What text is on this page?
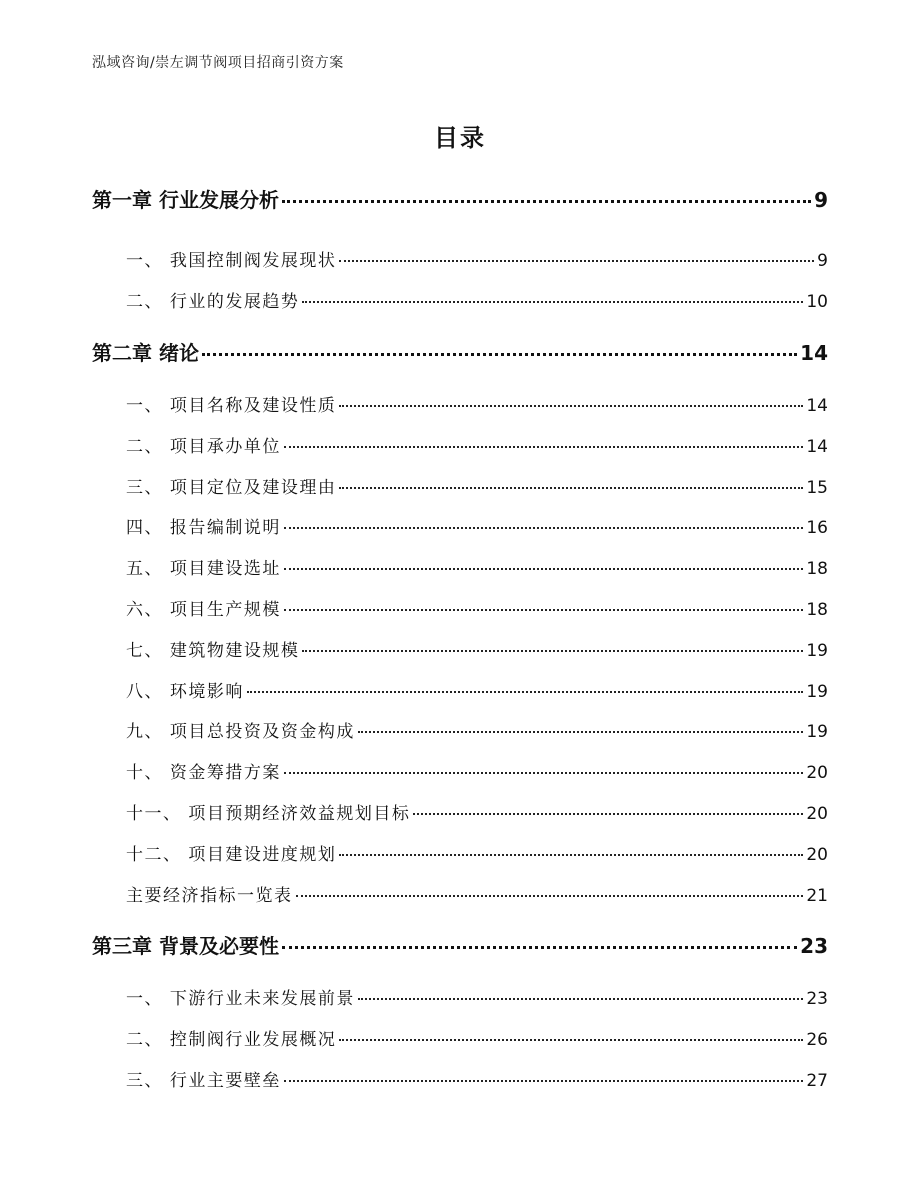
泓域咨询/崇左调节阀项目招商引资方案
目录
第一章 行业发展分析	9
一、 我国控制阀发展现状	9
二、 行业的发展趋势	10
第二章 绪论	14
一、 项目名称及建设性质	14
二、 项目承办单位	14
三、 项目定位及建设理由	15
四、 报告编制说明	16
五、 项目建设选址	18
六、 项目生产规模	18
七、 建筑物建设规模	19
八、 环境影响	19
九、 项目总投资及资金构成	19
十、 资金筹措方案	20
十一、 项目预期经济效益规划目标	20
十二、 项目建设进度规划	20
主要经济指标一览表	21
第三章 背景及必要性	23
一、 下游行业未来发展前景	23
二、 控制阀行业发展概况	26
三、 行业主要壁垒	27
